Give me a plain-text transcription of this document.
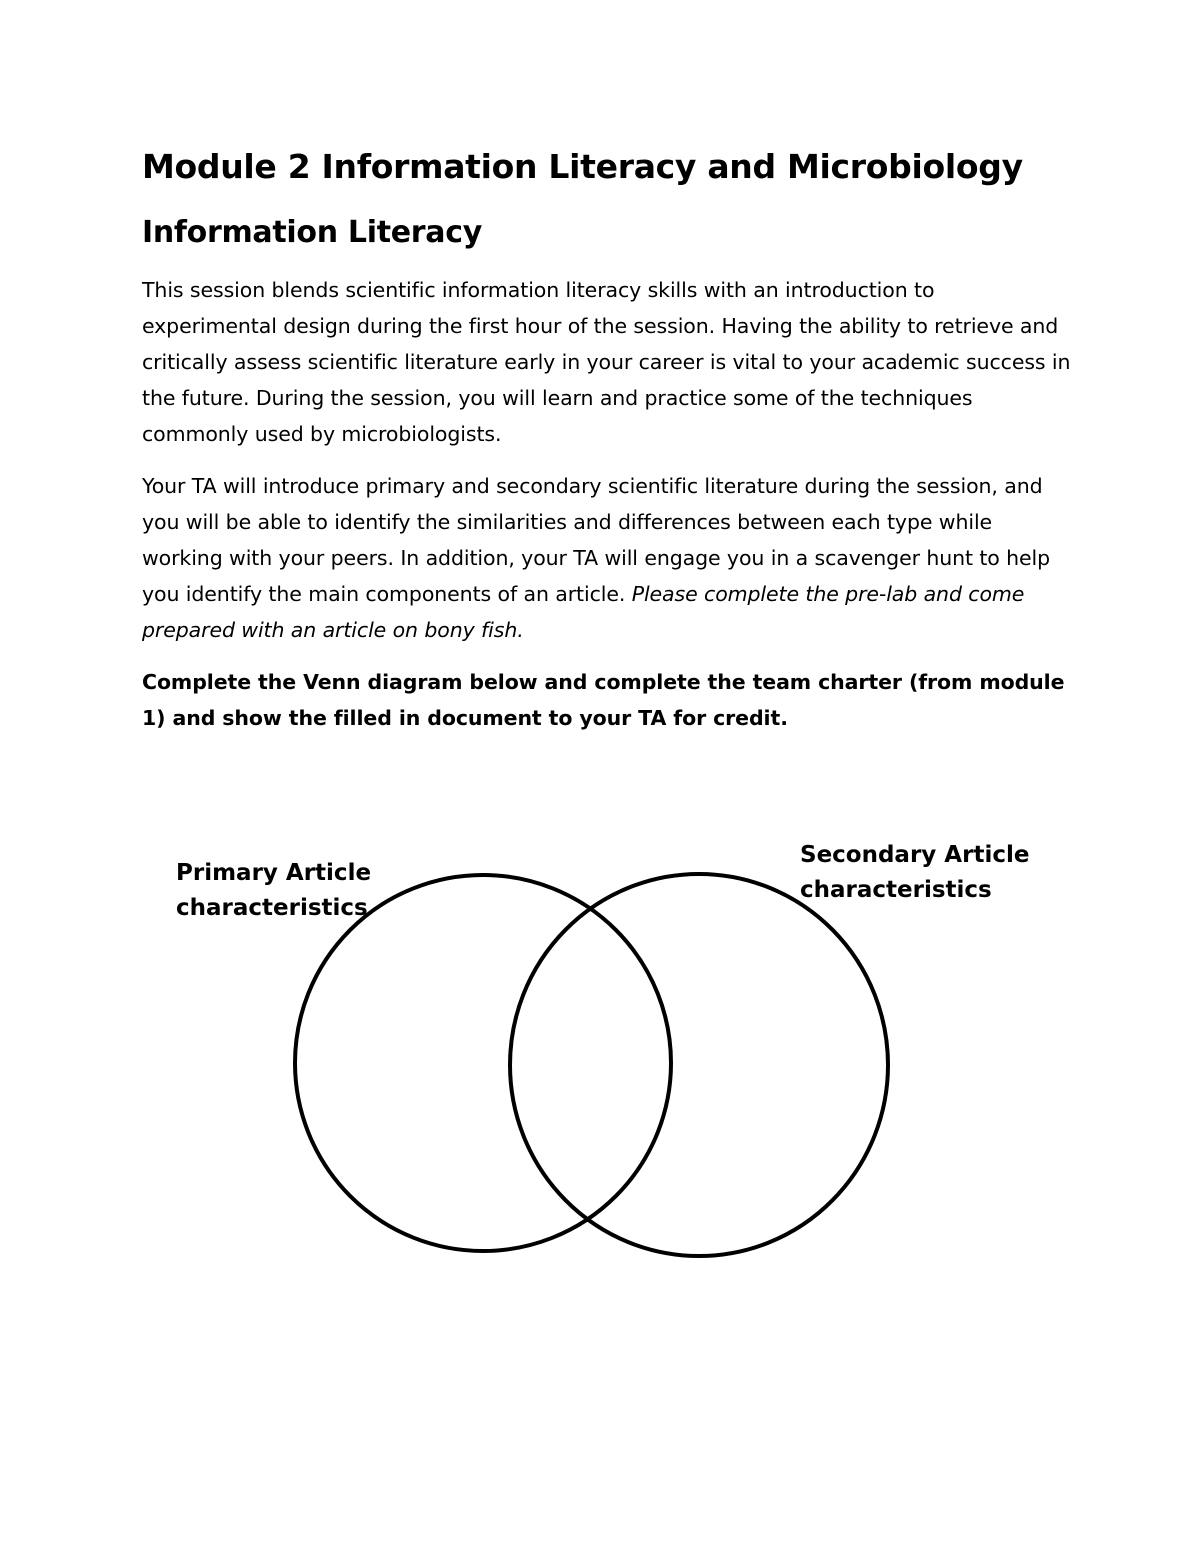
Module 2 Information Literacy and Microbiology
Information Literacy

This session blends scientific information literacy skills with an introduction to experimental design during the first hour of the session. Having the ability to retrieve and critically assess scientific literature early in your career is vital to your academic success in the future. During the session, you will learn and practice some of the techniques commonly used by microbiologists.

Your TA will introduce primary and secondary scientific literature during the session, and you will be able to identify the similarities and differences between each type while working with your peers. In addition, your TA will engage you in a scavenger hunt to help you identify the main components of an article. Please complete the pre-lab and come prepared with an article on bony fish.

Complete the Venn diagram below and complete the team charter (from module 1) and show the filled in document to your TA for credit.

Primary Article
characteristics
Secondary Article
characteristics
